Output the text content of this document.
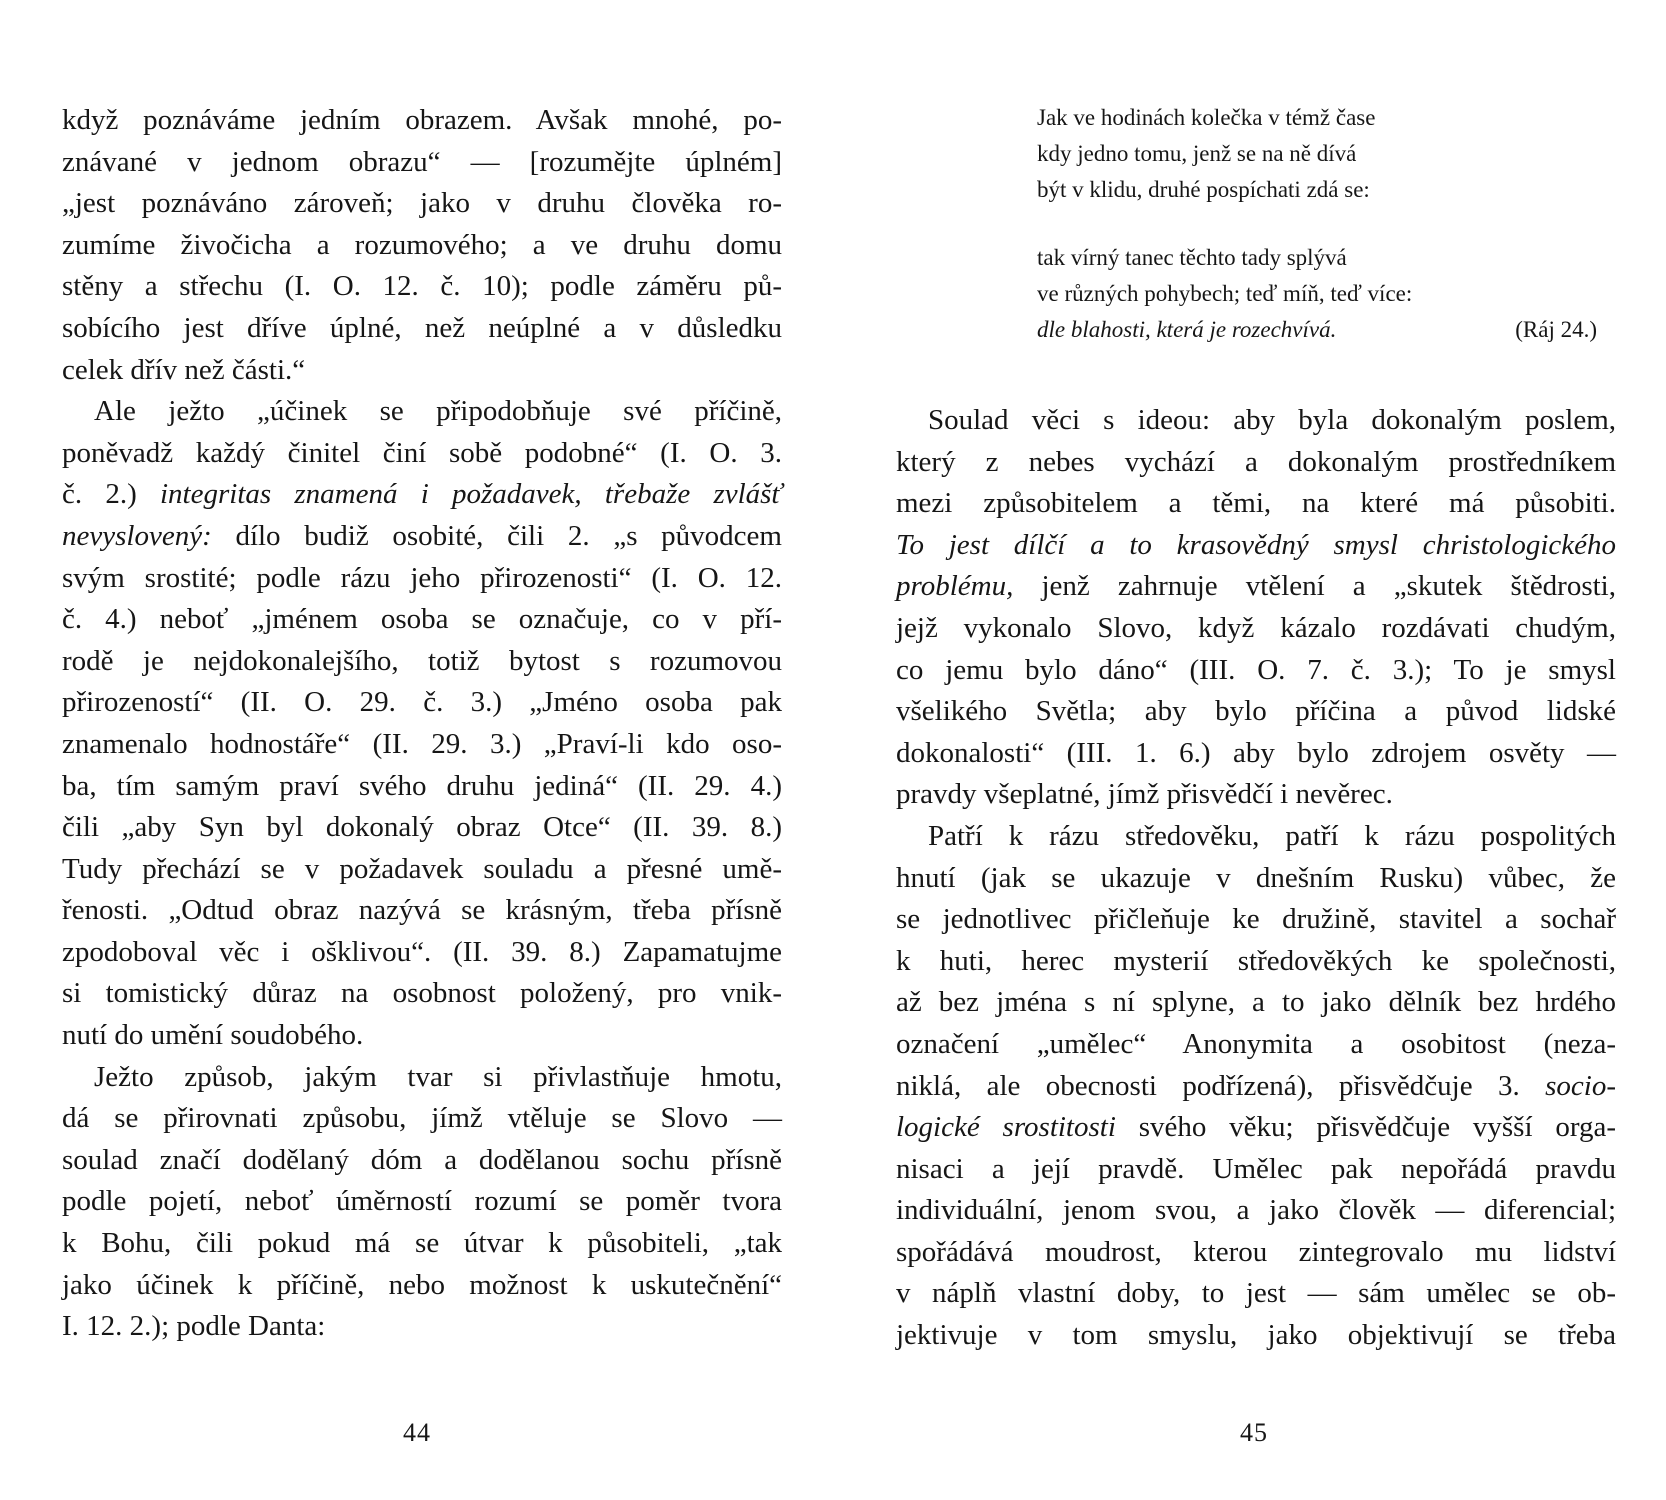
když poznáváme jedním obrazem. Avšak mnohé, po-
znávané v jednom obrazu“ — [rozumějte úplném]
„jest poznáváno zároveň; jako v druhu člověka ro-
zumíme živočicha a rozumového; a ve druhu domu
stěny a střechu (I. O. 12. č. 10); podle záměru pů-
sobícího jest dříve úplné, než neúplné a v důsledku
celek dřív než části.“
Ale ježto „účinek se připodobňuje své příčině,
poněvadž každý činitel činí sobě podobné“ (I. O. 3.
č. 2.) integritas znamená i požadavek, třebaže zvlášť
nevyslovený: dílo budiž osobité, čili 2. „s původcem
svým srostité; podle rázu jeho přirozenosti“ (I. O. 12.
č. 4.) neboť „jménem osoba se označuje, co v pří-
rodě je nejdokonalejšího, totiž bytost s rozumovou
přirozeností“ (II. O. 29. č. 3.) „Jméno osoba pak
znamenalo hodnostáře“ (II. 29. 3.) „Praví-li kdo oso-
ba, tím samým praví svého druhu jediná“ (II. 29. 4.)
čili „aby Syn byl dokonalý obraz Otce“ (II. 39. 8.)
Tudy přechází se v požadavek souladu a přesné umě-
řenosti. „Odtud obraz nazývá se krásným, třeba přísně
zpodoboval věc i ošklivou“. (II. 39. 8.) Zapamatujme
si tomistický důraz na osobnost položený, pro vnik-
nutí do umění soudobého.
Ježto způsob, jakým tvar si přivlastňuje hmotu,
dá se přirovnati způsobu, jímž vtěluje se Slovo —
soulad značí dodělaný dóm a dodělanou sochu přísně
podle pojetí, neboť úměrností rozumí se poměr tvora
k Bohu, čili pokud má se útvar k působiteli, „tak
jako účinek k příčině, nebo možnost k uskutečnění“
I. 12. 2.); podle Danta:
44
Jak ve hodinách kolečka v témž čase
kdy jedno tomu, jenž se na ně dívá
být v klidu, druhé pospíchati zdá se:
tak vírný tanec těchto tady splývá
ve různých pohybech; teď míň, teď více:
dle blahosti, která je rozechvívá.	(Ráj 24.)
Soulad věci s ideou: aby byla dokonalým poslem,
který z nebes vychází a dokonalým prostředníkem
mezi způsobitelem a těmi, na které má působiti.
To jest dílčí a to krasovědný smysl christologického
problému, jenž zahrnuje vtělení a „skutek štědrosti,
jejž vykonalo Slovo, když kázalo rozdávati chudým,
co jemu bylo dáno“ (III. O. 7. č. 3.); To je smysl
všelikého Světla; aby bylo příčina a původ lidské
dokonalosti“ (III. 1. 6.) aby bylo zdrojem osvěty —
pravdy všeplatné, jímž přisvědčí i nevěrec.
Patří k rázu středověku, patří k rázu pospolitých
hnutí (jak se ukazuje v dnešním Rusku) vůbec, že
se jednotlivec přičleňuje ke družině, stavitel a sochař
k huti, herec mysterií středověkých ke společnosti,
až bez jména s ní splyne, a to jako dělník bez hrdého
označení „umělec“ Anonymita a osobitost (neza-
niklá, ale obecnosti podřízená), přisvědčuje 3. socio-
logické srostitosti svého věku; přisvědčuje vyšší orga-
nisaci a její pravdě. Umělec pak nepořádá pravdu
individuální, jenom svou, a jako člověk — diferencial;
spořádává moudrost, kterou zintegrovalo mu lidství
v náplň vlastní doby, to jest — sám umělec se ob-
jektivuje v tom smyslu, jako objektivují se třeba
45
